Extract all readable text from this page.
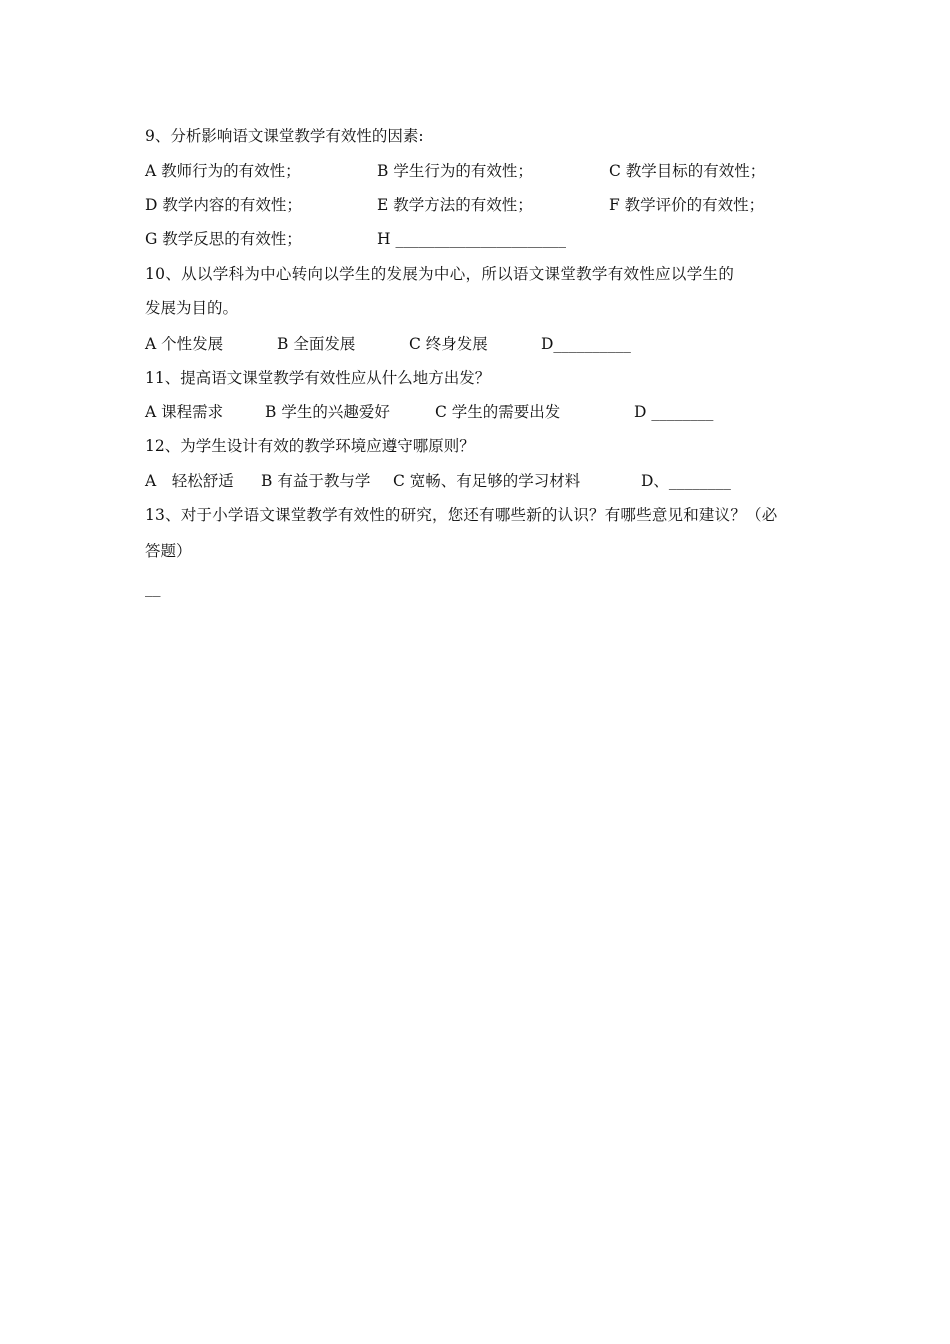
9、分析影响语文课堂教学有效性的因素:
A 教师行为的有效性；	B 学生行为的有效性；	C 教学目标的有效性；
D 教学内容的有效性；	E 教学方法的有效性；	F 教学评价的有效性；
G 教学反思的有效性；	H ______________________
10、从以学科为中心转向以学生的发展为中心，所以语文课堂教学有效性应以学生的
发展为目的。
A 个性发展	B 全面发展	C 终身发展	D__________
11、提高语文课堂教学有效性应从什么地方出发？
A 课程需求	B 学生的兴趣爱好	C 学生的需要出发	D ________
12、为学生设计有效的教学环境应遵守哪原则？
A　轻松舒适 B 有益于教与学 C 宽畅、有足够的学习材料	D、________
13、对于小学语文课堂教学有效性的研究，您还有哪些新的认识？有哪些意见和建议？（必
答题）
__
